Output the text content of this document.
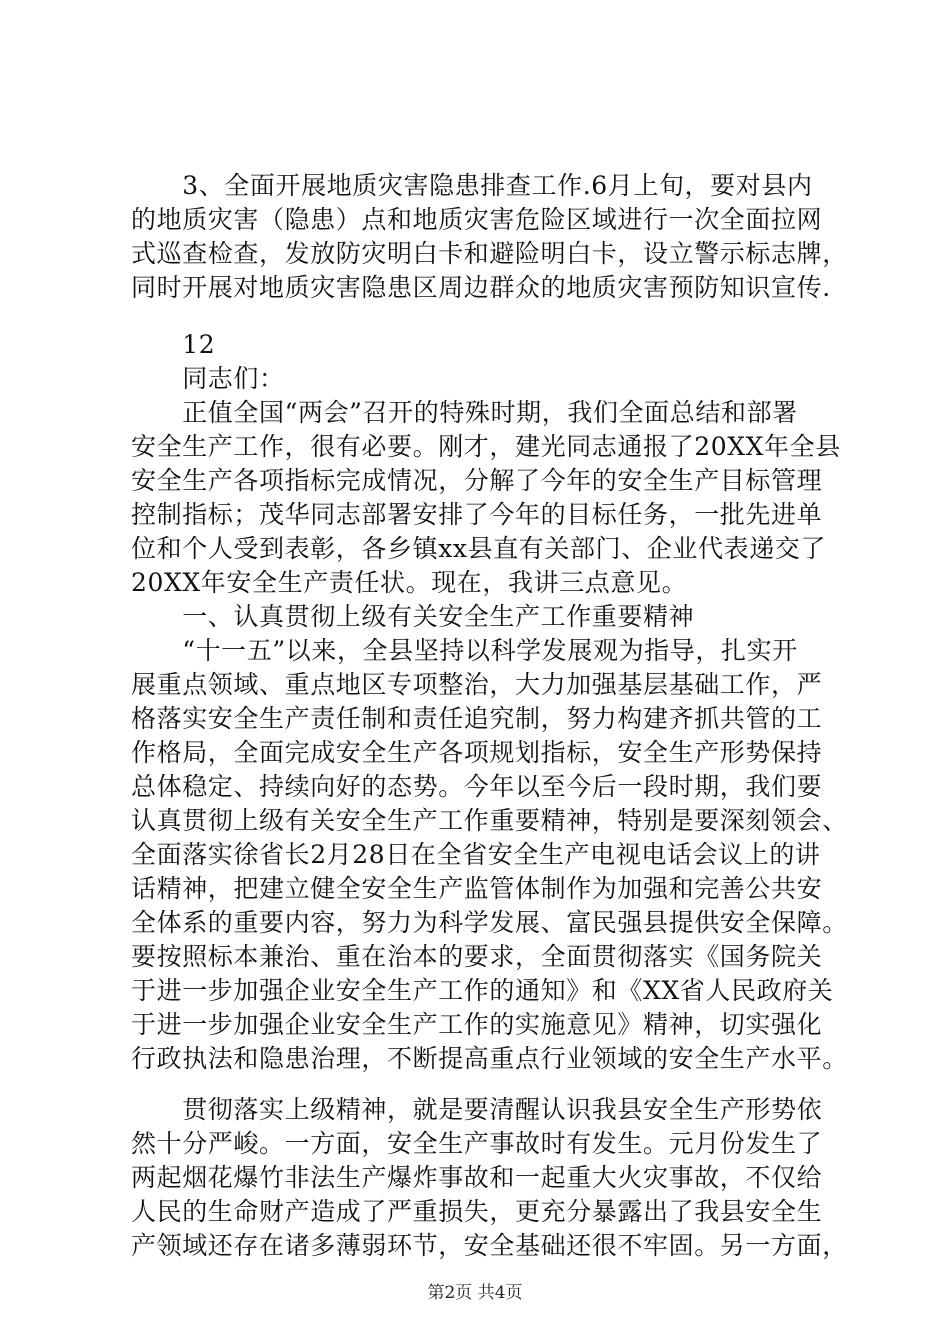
　　3、全面开展地质灾害隐患排查工作.6月上旬，要对县内
的地质灾害（隐患）点和地质灾害危险区域进行一次全面拉网
式巡查检查，发放防灾明白卡和避险明白卡，设立警示标志牌，
同时开展对地质灾害隐患区周边群众的地质灾害预防知识宣传.
　　12
　　同志们：
　　正值全国“两会”召开的特殊时期，我们全面总结和部署
安全生产工作，很有必要。刚才，建光同志通报了20XX年全县
安全生产各项指标完成情况，分解了今年的安全生产目标管理
控制指标；茂华同志部署安排了今年的目标任务，一批先进单
位和个人受到表彰，各乡镇xx县直有关部门、企业代表递交了
20XX年安全生产责任状。现在，我讲三点意见。
　　一、认真贯彻上级有关安全生产工作重要精神
　　“十一五”以来，全县坚持以科学发展观为指导，扎实开
展重点领域、重点地区专项整治，大力加强基层基础工作，严
格落实安全生产责任制和责任追究制，努力构建齐抓共管的工
作格局，全面完成安全生产各项规划指标，安全生产形势保持
总体稳定、持续向好的态势。今年以至今后一段时期，我们要
认真贯彻上级有关安全生产工作重要精神，特别是要深刻领会、
全面落实徐省长2月28日在全省安全生产电视电话会议上的讲
话精神，把建立健全安全生产监管体制作为加强和完善公共安
全体系的重要内容，努力为科学发展、富民强县提供安全保障。
要按照标本兼治、重在治本的要求，全面贯彻落实《国务院关
于进一步加强企业安全生产工作的通知》和《XX省人民政府关
于进一步加强企业安全生产工作的实施意见》精神，切实强化
行政执法和隐患治理，不断提高重点行业领域的安全生产水平。
　　贯彻落实上级精神，就是要清醒认识我县安全生产形势依
然十分严峻。一方面，安全生产事故时有发生。元月份发生了
两起烟花爆竹非法生产爆炸事故和一起重大火灾事故，不仅给
人民的生命财产造成了严重损失，更充分暴露出了我县安全生
产领域还存在诸多薄弱环节，安全基础还很不牢固。另一方面，
第2页 共4页
